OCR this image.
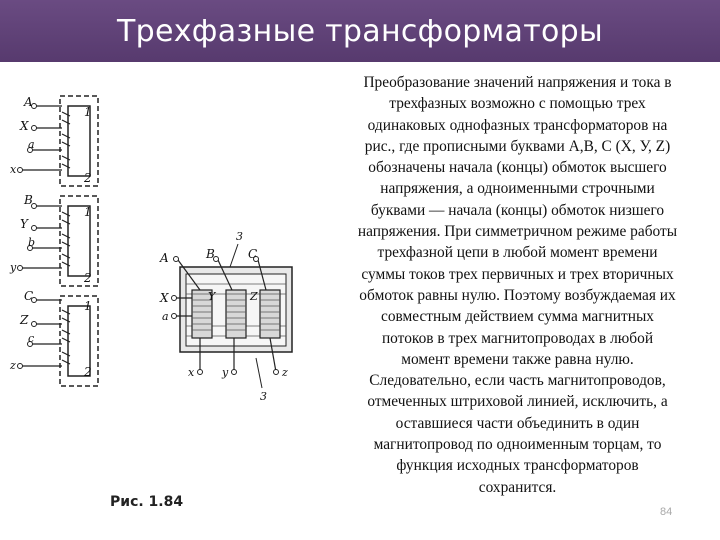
Трехфазные трансформаторы
A
X
a
x
1
2
B
Y
b
y
1
2
C
Z
c
z
1
2
A	B	C
3
X
a
Y	Z
x	y	z
3
Рис. 1.84
Преобразование значений напряжения и тока в
трехфазных возможно с помощью трех
одинаковых однофазных трансформаторов на
рис., где прописными буквами А,В, С (X, У, Z)
обозначены начала (концы) обмоток высшего
напряжения, а одноименными строчными
буквами — начала (концы) обмоток низшего
напряжения. При симметричном режиме работы
трехфазной цепи в любой момент времени
суммы токов трех первичных и трех вторичных
обмоток равны нулю. Поэтому возбуждаемая их
совместным действием сумма магнитных
потоков в трех магнитопроводах в любой
момент времени также равна нулю.
Следовательно, если часть магнитопроводов,
отмеченных штриховой линией, исключить, а
оставшиеся части объединить в один
магнитопровод по одноименным торцам, то
функция исходных трансформаторов
сохранится.
84
